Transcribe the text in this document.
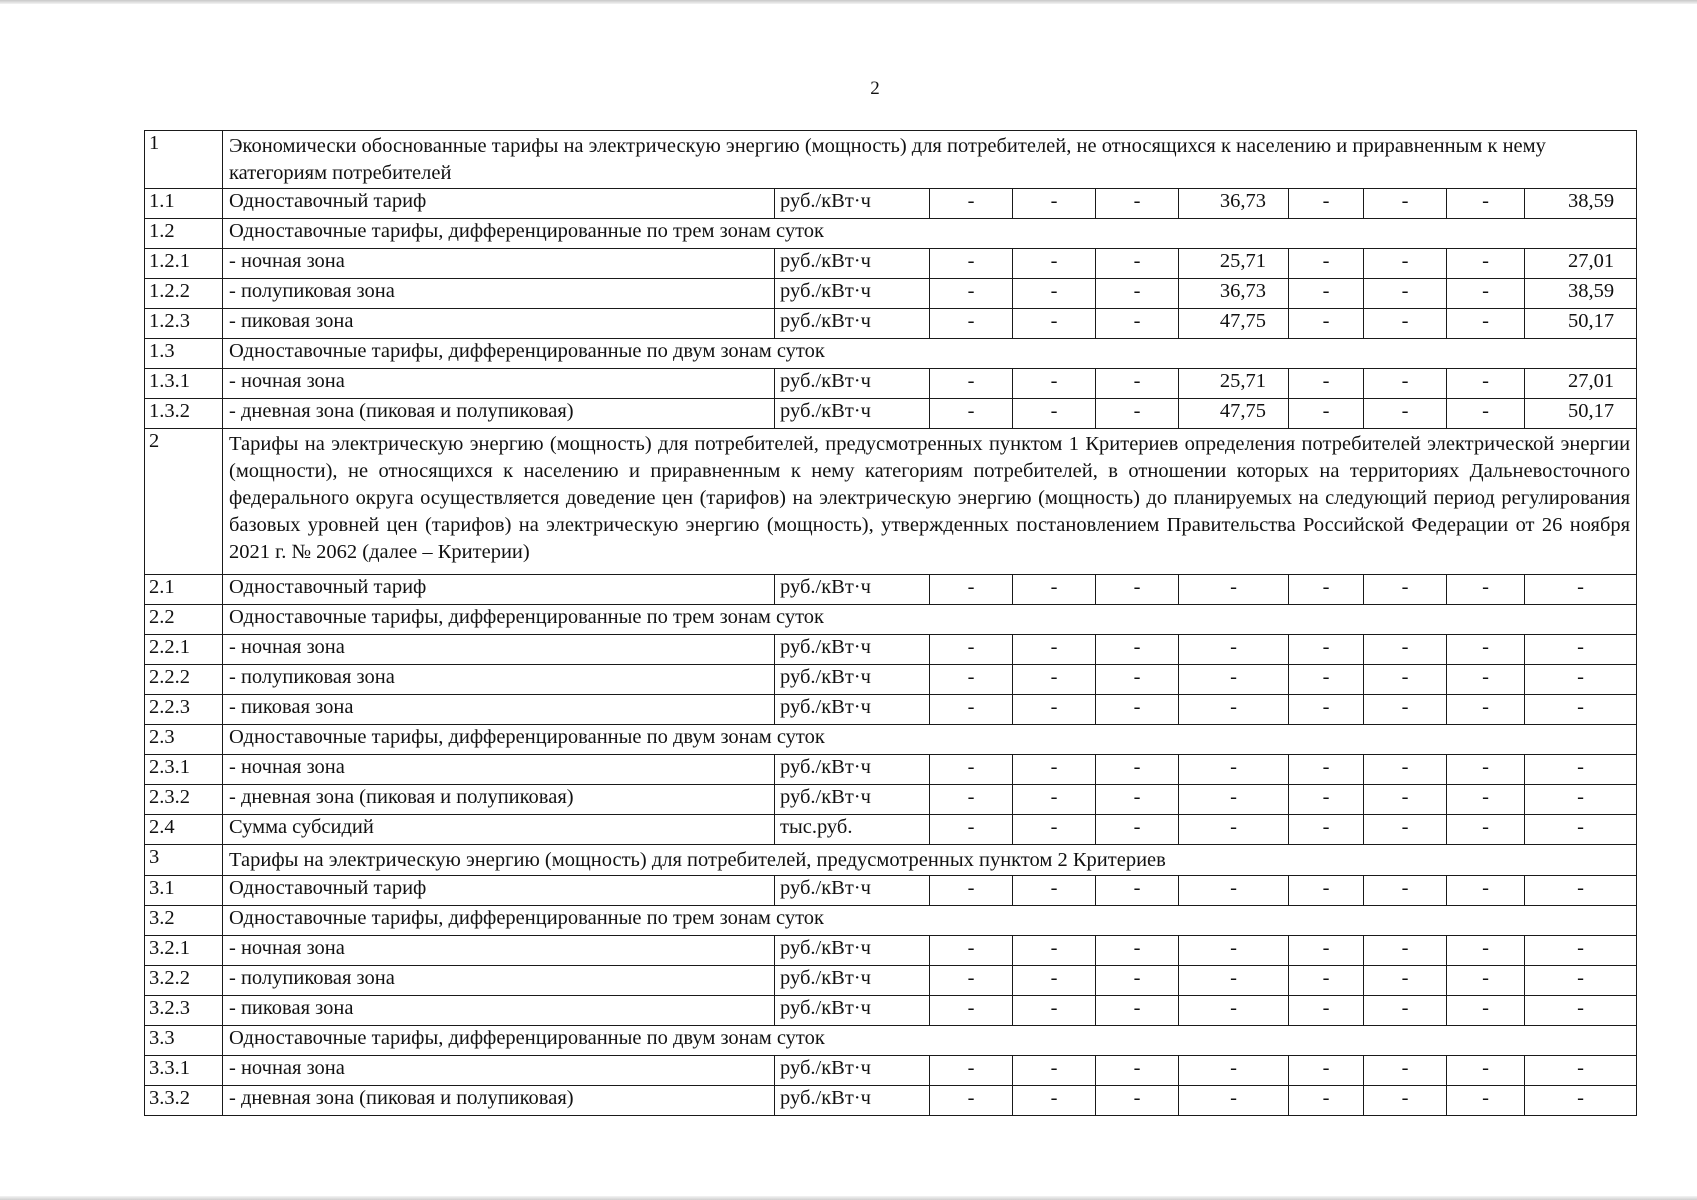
2
1	Экономически обоснованные тарифы на электрическую энергию (мощность) для потребителей, не относящихся к населению и приравненным к нему категориям потребителей									
1.1	Одноставочный тариф	руб./кВт·ч	-	-	-	36,73	-	-	-	38,59
1.2	Одноставочные тарифы, дифференцированные по трем зонам суток									
1.2.1	- ночная зона	руб./кВт·ч	-	-	-	25,71	-	-	-	27,01
1.2.2	- полупиковая зона	руб./кВт·ч	-	-	-	36,73	-	-	-	38,59
1.2.3	- пиковая зона	руб./кВт·ч	-	-	-	47,75	-	-	-	50,17
1.3	Одноставочные тарифы, дифференцированные по двум зонам суток									
1.3.1	- ночная зона	руб./кВт·ч	-	-	-	25,71	-	-	-	27,01
1.3.2	- дневная зона (пиковая и полупиковая)	руб./кВт·ч	-	-	-	47,75	-	-	-	50,17
2	Тарифы на электрическую энергию (мощность) для потребителей, предусмотренных пунктом 1 Критериев определения потребителей электрической энергии (мощности), не относящихся к населению и приравненным к нему категориям потребителей, в отношении которых на территориях Дальневосточного федерального округа осуществляется доведение цен (тарифов) на электрическую энергию (мощность) до планируемых на следующий период регулирования базовых уровней цен (тарифов) на электрическую энергию (мощность), утвержденных постановлением Правительства Российской Федерации от 26 ноября 2021 г. № 2062 (далее – Критерии)									
2.1	Одноставочный тариф	руб./кВт·ч	-	-	-	-	-	-	-	-
2.2	Одноставочные тарифы, дифференцированные по трем зонам суток									
2.2.1	- ночная зона	руб./кВт·ч	-	-	-	-	-	-	-	-
2.2.2	- полупиковая зона	руб./кВт·ч	-	-	-	-	-	-	-	-
2.2.3	- пиковая зона	руб./кВт·ч	-	-	-	-	-	-	-	-
2.3	Одноставочные тарифы, дифференцированные по двум зонам суток									
2.3.1	- ночная зона	руб./кВт·ч	-	-	-	-	-	-	-	-
2.3.2	- дневная зона (пиковая и полупиковая)	руб./кВт·ч	-	-	-	-	-	-	-	-
2.4	Сумма субсидий	тыс.руб.	-	-	-	-	-	-	-	-
3	Тарифы на электрическую энергию (мощность) для потребителей, предусмотренных пунктом 2 Критериев									
3.1	Одноставочный тариф	руб./кВт·ч	-	-	-	-	-	-	-	-
3.2	Одноставочные тарифы, дифференцированные по трем зонам суток									
3.2.1	- ночная зона	руб./кВт·ч	-	-	-	-	-	-	-	-
3.2.2	- полупиковая зона	руб./кВт·ч	-	-	-	-	-	-	-	-
3.2.3	- пиковая зона	руб./кВт·ч	-	-	-	-	-	-	-	-
3.3	Одноставочные тарифы, дифференцированные по двум зонам суток									
3.3.1	- ночная зона	руб./кВт·ч	-	-	-	-	-	-	-	-
3.3.2	- дневная зона (пиковая и полупиковая)	руб./кВт·ч	-	-	-	-	-	-	-	-
